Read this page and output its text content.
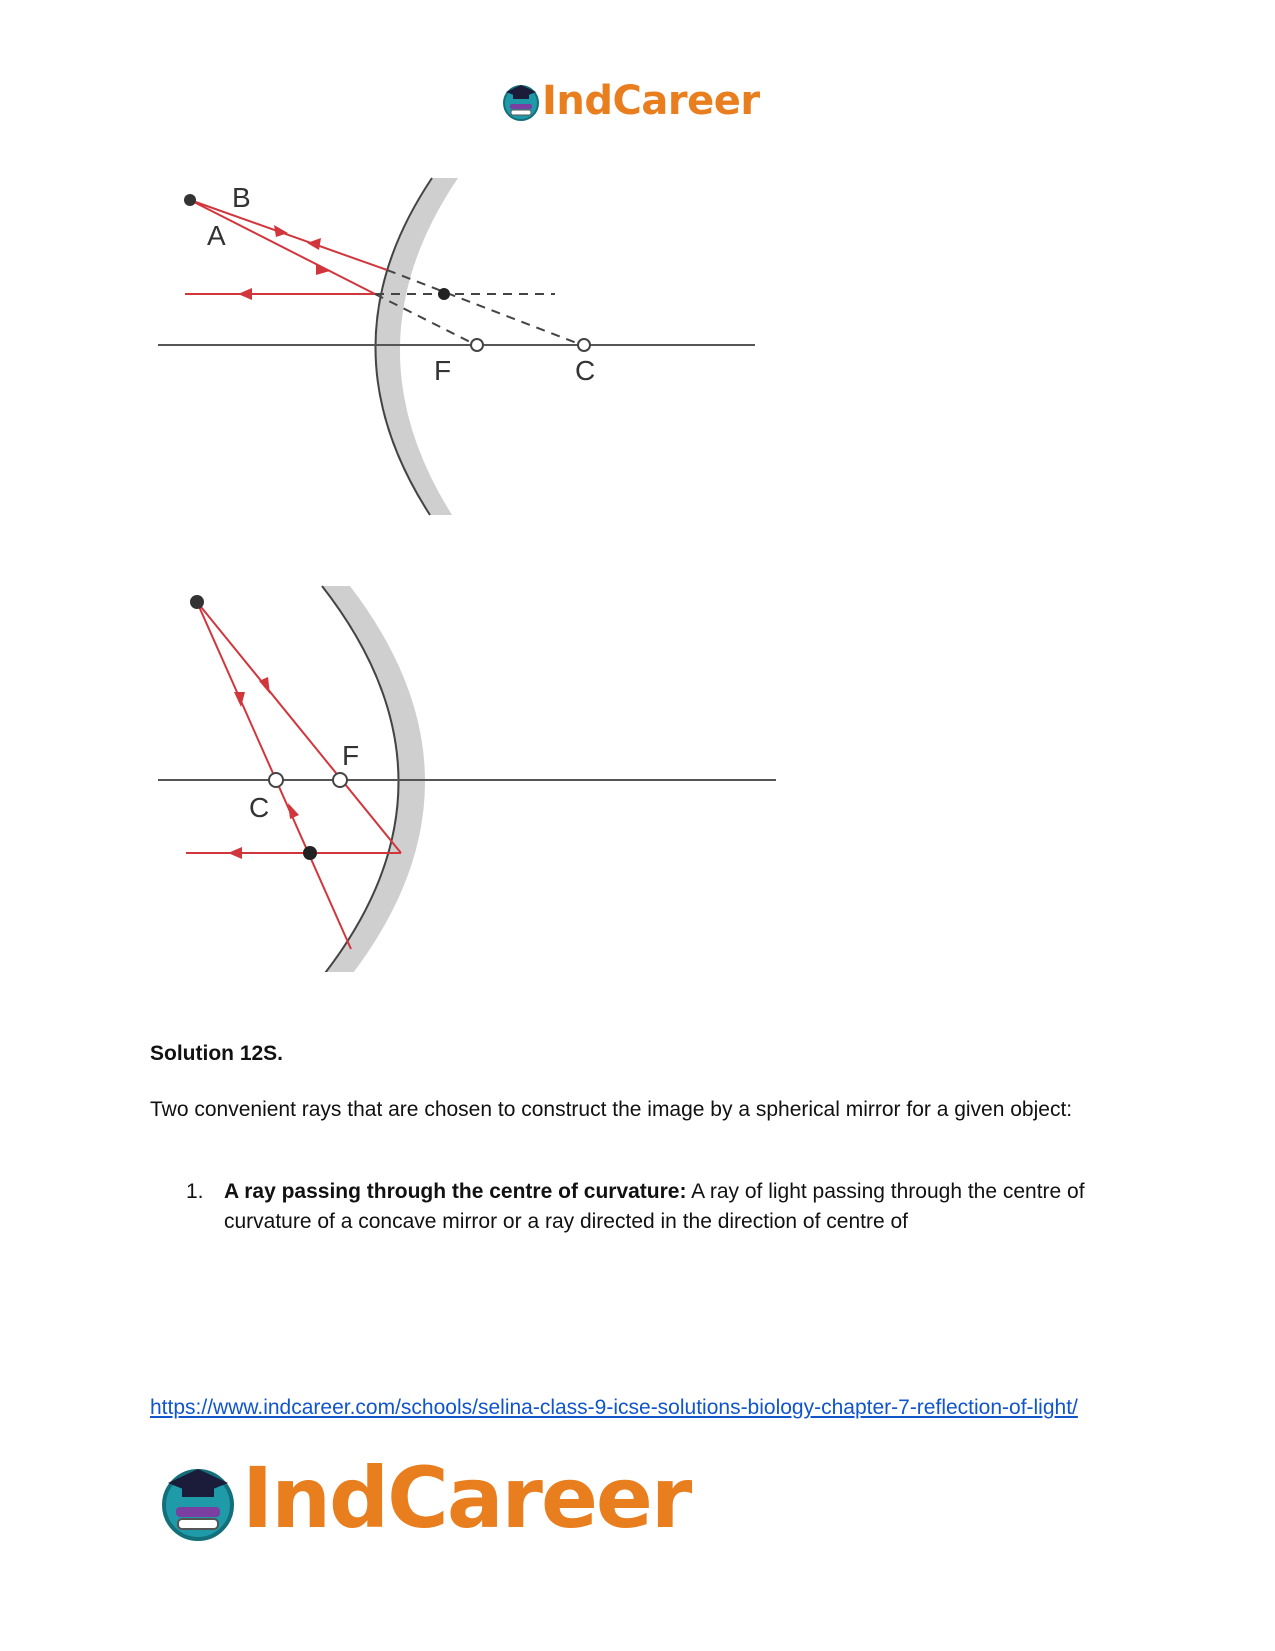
IndCareer
B
A
F	C
F
C
Solution 12S.
Two convenient rays that are chosen to construct the image by a spherical mirror for a given object:
1. A ray passing through the centre of curvature: A ray of light passing through the centre of curvature of a concave mirror or a ray directed in the direction of centre of
https://www.indcareer.com/schools/selina-class-9-icse-solutions-biology-chapter-7-reflection-of-light/
IndCareer
